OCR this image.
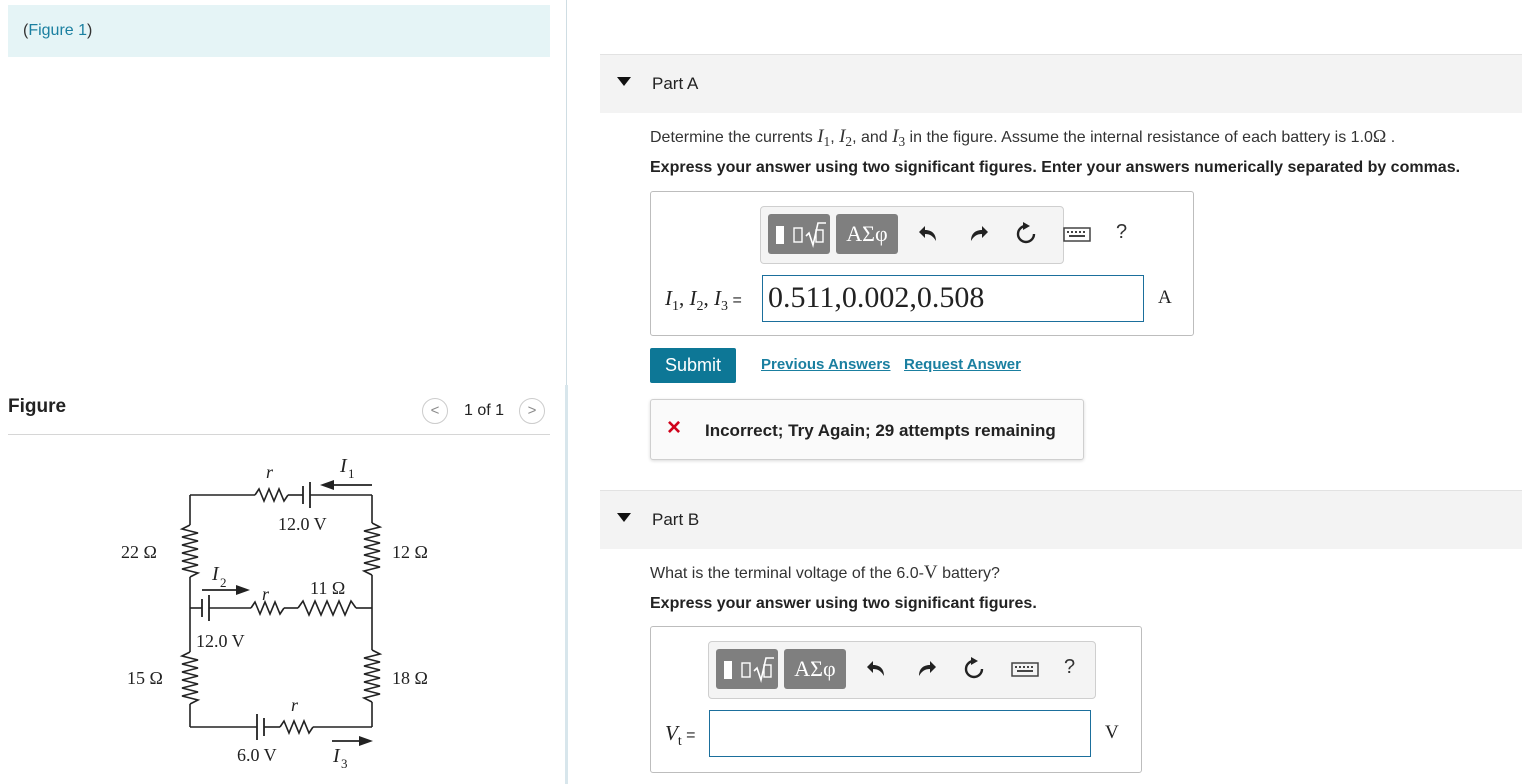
(Figure 1)
Figure	<	1 of 1	>
r	I 1
12.0 V
22 Ω	12 Ω
I 2
r 11 Ω
12.0 V
15 Ω	18 Ω
r
6.0 V	I 3
Part A
Determine the currents $I_1$, $I_2$, and $I_3$ in the figure. Assume the internal resistance of each battery is 1.0Ω .
Express your answer using two significant figures. Enter your answers numerically separated by commas.
ΑΣφ	?
$I_1$, $I_2$, $I_3 = 0.511,0.002,0.508$	A
Submit	Previous Answers Request Answer
× Incorrect; Try Again; 29 attempts remaining
Part B
What is the terminal voltage of the 6.0-V battery?
Express your answer using two significant figures.
ΑΣφ	?
$V_t$ =	V
